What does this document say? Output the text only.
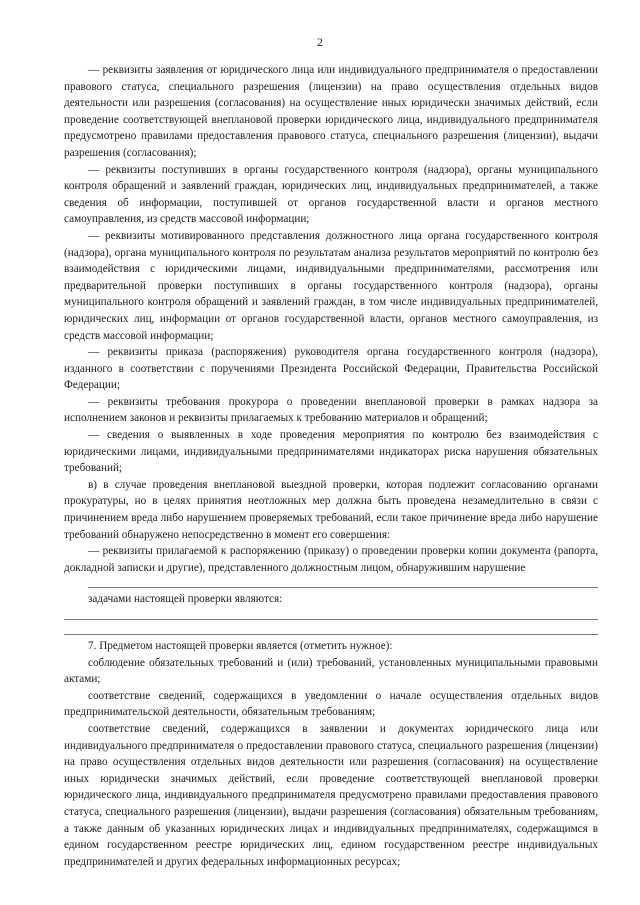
2

— реквизиты заявления от юридического лица или индивидуального предпринимателя о предоставлении правового статуса, специального разрешения (лицензии) на право осуществления отдельных видов деятельности или разрешения (согласования) на осуществление иных юридически значимых действий, если проведение соответствующей внеплановой проверки юридического лица, индивидуального предпринимателя предусмотрено правилами предоставления правового статуса, специального разрешения (лицензии), выдачи разрешения (согласования);

— реквизиты поступивших в органы государственного контроля (надзора), органы муниципального контроля обращений и заявлений граждан, юридических лиц, индивидуальных предпринимателей, а также сведения об информации, поступившей от органов государственной власти и органов местного самоуправления, из средств массовой информации;

— реквизиты мотивированного представления должностного лица органа государственного контроля (надзора), органа муниципального контроля по результатам анализа результатов мероприятий по контролю без взаимодействия с юридическими лицами, индивидуальными предпринимателями, рассмотрения или предварительной проверки поступивших в органы государственного контроля (надзора), органы муниципального контроля обращений и заявлений граждан, в том числе индивидуальных предпринимателей, юридических лиц, информации от органов государственной власти, органов местного самоуправления, из средств массовой информации;

— реквизиты приказа (распоряжения) руководителя органа государственного контроля (надзора), изданного в соответствии с поручениями Президента Российской Федерации, Правительства Российской Федерации;

— реквизиты требования прокурора о проведении внеплановой проверки в рамках надзора за исполнением законов и реквизиты прилагаемых к требованию материалов и обращений;

— сведения о выявленных в ходе проведения мероприятия по контролю без взаимодействия с юридическими лицами, индивидуальными предпринимателями индикаторах риска нарушения обязательных требований;

в) в случае проведения внеплановой выездной проверки, которая подлежит согласованию органами прокуратуры, но в целях принятия неотложных мер должна быть проведена незамедлительно в связи с причинением вреда либо нарушением проверяемых требований, если такое причинение вреда либо нарушение требований обнаружено непосредственно в момент его совершения:

— реквизиты прилагаемой к распоряжению (приказу) о проведении проверки копии документа (рапорта, докладной записки и другие), представленного должностным лицом, обнаружившим нарушение

задачами настоящей проверки являются:

7. Предметом настоящей проверки является (отметить нужное):

соблюдение обязательных требований и (или) требований, установленных муниципальными правовыми актами;

соответствие сведений, содержащихся в уведомлении о начале осуществления отдельных видов предпринимательской деятельности, обязательным требованиям;

соответствие сведений, содержащихся в заявлении и документах юридического лица или индивидуального предпринимателя о предоставлении правового статуса, специального разрешения (лицензии) на право осуществления отдельных видов деятельности или разрешения (согласования) на осуществление иных юридически значимых действий, если проведение соответствующей внеплановой проверки юридического лица, индивидуального предпринимателя предусмотрено правилами предоставления правового статуса, специального разрешения (лицензии), выдачи разрешения (согласования) обязательным требованиям, а также данным об указанных юридических лицах и индивидуальных предпринимателях, содержащимся в едином государственном реестре юридических лиц, едином государственном реестре индивидуальных предпринимателей и других федеральных информационных ресурсах;
